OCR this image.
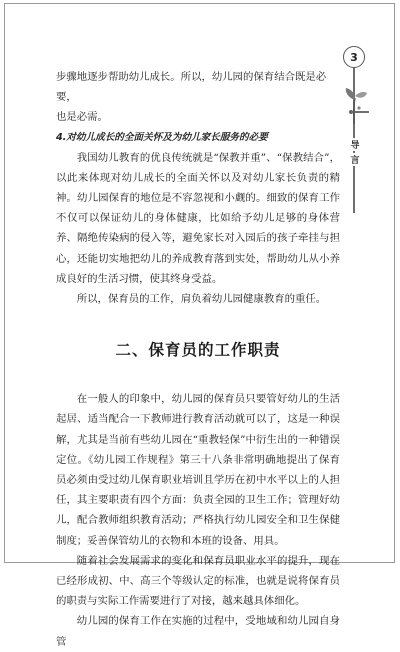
3
导
言

步骤地逐步帮助幼儿成长。所以，幼儿园的保育结合既是必要，

也是必需。

4.对幼儿成长的全面关怀及为幼儿家长服务的必要

我国幼儿教育的优良传统就是“保教并重”、“保教结合”，以此来体现对幼儿成长的全面关怀以及对幼儿家长负责的精神。幼儿园保育的地位是不容忽视和小觑的。细致的保育工作不仅可以保证幼儿的身体健康，比如给予幼儿足够的身体营养、隔绝传染病的侵入等，避免家长对入园后的孩子牵挂与担心，还能切实地把幼儿的养成教育落到实处，帮助幼儿从小养成良好的生活习惯，使其终身受益。

所以，保育员的工作，肩负着幼儿园健康教育的重任。

二、保育员的工作职责

在一般人的印象中，幼儿园的保育员只要管好幼儿的生活起居、适当配合一下教师进行教育活动就可以了，这是一种误解，尤其是当前有些幼儿园在“重教轻保”中衍生出的一种错误定位。《幼儿园工作规程》第三十八条非常明确地提出了保育员必须由受过幼儿保育职业培训且学历在初中水平以上的人担任，其主要职责有四个方面：负责全园的卫生工作；管理好幼儿，配合教师组织教育活动；严格执行幼儿园安全和卫生保健制度；妥善保管幼儿的衣物和本班的设备、用具。

随着社会发展需求的变化和保育员职业水平的提升，现在已经形成初、中、高三个等级认定的标准，也就是说将保育员的职责与实际工作需要进行了对接，越来越具体细化。

幼儿园的保育工作在实施的过程中，受地域和幼儿园自身管
